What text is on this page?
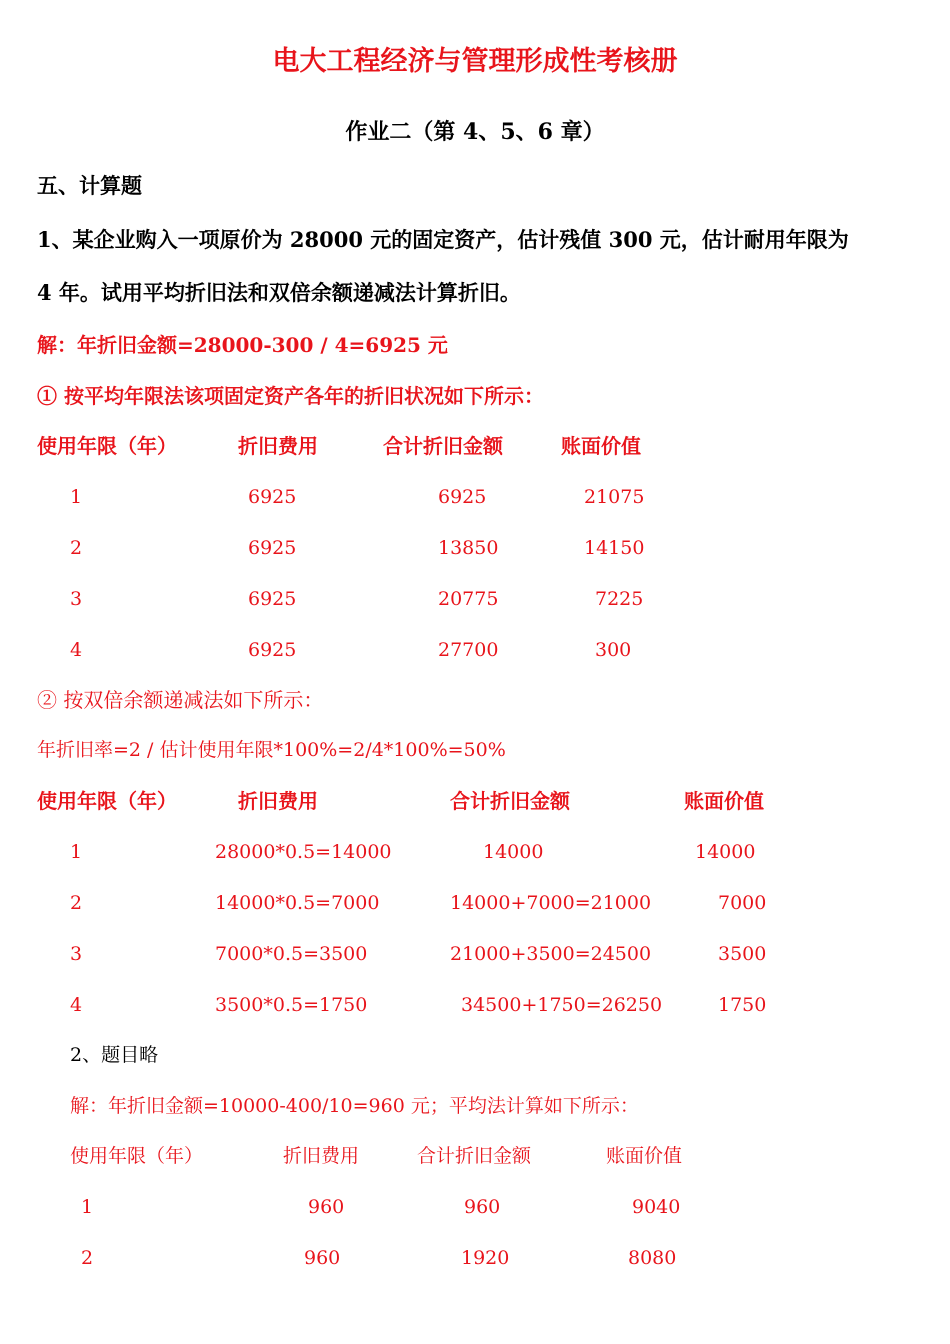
电大工程经济与管理形成性考核册
作业二（第 4、5、6 章）
五、计算题
1、某企业购入一项原价为 28000 元的固定资产，估计残值 300 元，估计耐用年限为
4 年。试用平均折旧法和双倍余额递减法计算折旧。
解：年折旧金额=28000-300 / 4=6925 元
① 按平均年限法该项固定资产各年的折旧状况如下所示：
使用年限（年）	折旧费用	合计折旧金额	账面价值
1	6925	6925	21075
2	6925	13850	14150
3	6925	20775	7225
4	6925	27700	300
② 按双倍余额递减法如下所示：
年折旧率=2 / 估计使用年限*100%=2/4*100%=50%
使用年限（年）	折旧费用	合计折旧金额	账面价值
1	28000*0.5=14000	14000	14000
2	14000*0.5=7000	14000+7000=21000	7000
3	7000*0.5=3500	21000+3500=24500	3500
4	3500*0.5=1750	34500+1750=26250	1750
2、题目略
解：年折旧金额=10000-400/10=960 元；平均法计算如下所示：
使用年限（年）	折旧费用	合计折旧金额	账面价值
1	960	960	9040
2	960	1920	8080
